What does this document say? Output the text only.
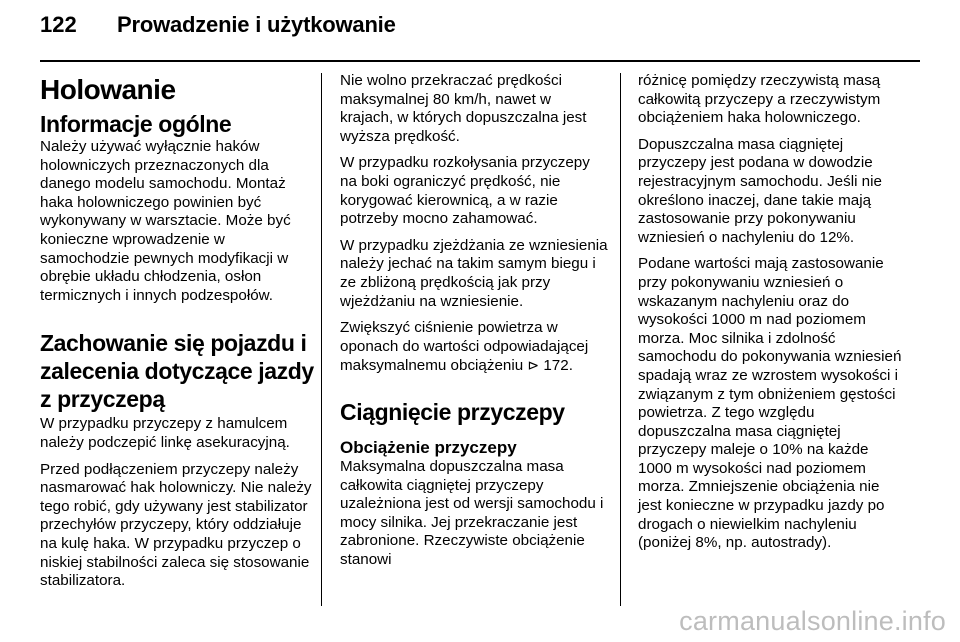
122 Prowadzenie i użytkowanie
Holowanie
Informacje ogólne

Należy używać wyłącznie haków holowniczych przeznaczonych dla danego modelu samochodu. Montaż haka holowniczego powinien być wykonywany w warsztacie. Może być konieczne wprowadzenie w samochodzie pewnych modyfikacji w obrębie układu chłodzenia, osłon termicznych i innych podzespołów.

Zachowanie się pojazdu i zalecenia dotyczące jazdy z przyczepą

W przypadku przyczepy z hamulcem należy podczepić linkę asekuracyjną.

Przed podłączeniem przyczepy należy nasmarować hak holowniczy. Nie należy tego robić, gdy używany jest stabilizator przechyłów przyczepy, który oddziałuje na kulę haka. W przypadku przyczep o niskiej stabilności zaleca się stosowanie stabilizatora.

Nie wolno przekraczać prędkości maksymalnej 80 km/h, nawet w krajach, w których dopuszczalna jest wyższa prędkość.

W przypadku rozkołysania przyczepy na boki ograniczyć prędkość, nie korygować kierownicą, a w razie potrzeby mocno zahamować.

W przypadku zjeżdżania ze wzniesienia należy jechać na takim samym biegu i ze zbliżoną prędkością jak przy wjeżdżaniu na wzniesienie.

Zwiększyć ciśnienie powietrza w oponach do wartości odpowiadającej maksymalnemu obciążeniu ⊳ 172.

Ciągnięcie przyczepy
Obciążenie przyczepy

Maksymalna dopuszczalna masa całkowita ciągniętej przyczepy uzależniona jest od wersji samochodu i mocy silnika. Jej przekraczanie jest zabronione. Rzeczywiste obciążenie stanowi

różnicę pomiędzy rzeczywistą masą całkowitą przyczepy a rzeczywistym obciążeniem haka holowniczego.

Dopuszczalna masa ciągniętej przyczepy jest podana w dowodzie rejestracyjnym samochodu. Jeśli nie określono inaczej, dane takie mają zastosowanie przy pokonywaniu wzniesień o nachyleniu do 12%.

Podane wartości mają zastosowanie przy pokonywaniu wzniesień o wskazanym nachyleniu oraz do wysokości 1000 m nad poziomem morza. Moc silnika i zdolność samochodu do pokonywania wzniesień spadają wraz ze wzrostem wysokości i związanym z tym obniżeniem gęstości powietrza. Z tego względu dopuszczalna masa ciągniętej przyczepy maleje o 10% na każde 1000 m wysokości nad poziomem morza. Zmniejszenie obciążenia nie jest konieczne w przypadku jazdy po drogach o niewielkim nachyleniu (poniżej 8%, np. autostrady).

carmanualsonline.info
